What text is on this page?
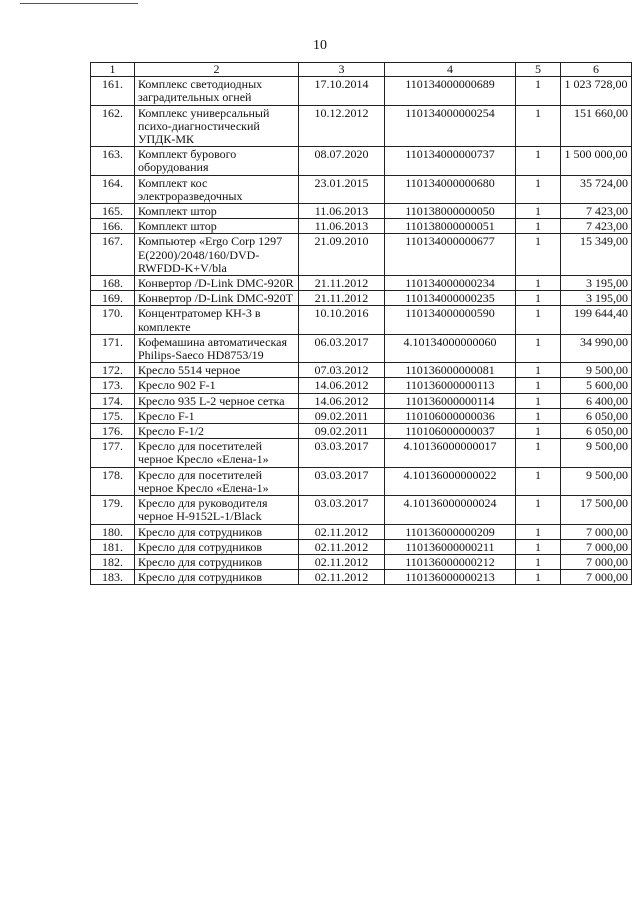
10
1	2	3	4	5	6
161.	Комплекс светодиодных заградительных огней	17.10.2014	110134000000689	1	1 023 728,00
162.	Комплекс универсальный психо-диагностический УПДК-МК	10.12.2012	110134000000254	1	151 660,00
163.	Комплект бурового оборудования	08.07.2020	110134000000737	1	1 500 000,00
164.	Комплект кос электроразведочных	23.01.2015	110134000000680	1	35 724,00
165.	Комплект штор	11.06.2013	110138000000050	1	7 423,00
166.	Комплект штор	11.06.2013	110138000000051	1	7 423,00
167.	Компьютер «Ergo Corp 1297 E(2200)/2048/160/DVD-RWFDD-K+V/bla	21.09.2010	110134000000677	1	15 349,00
168.	Конвертор /D-Link DMC-920R	21.11.2012	110134000000234	1	3 195,00
169.	Конвертор /D-Link DMC-920T	21.11.2012	110134000000235	1	3 195,00
170.	Концентратомер КН-3 в комплекте	10.10.2016	110134000000590	1	199 644,40
171.	Кофемашина автоматическая Philips-Saeco HD8753/19	06.03.2017	4.10134000000060	1	34 990,00
172.	Кресло 5514 черное	07.03.2012	110136000000081	1	9 500,00
173.	Кресло 902 F-1	14.06.2012	110136000000113	1	5 600,00
174.	Кресло 935 L-2 черное сетка	14.06.2012	110136000000114	1	6 400,00
175.	Кресло F-1	09.02.2011	110106000000036	1	6 050,00
176.	Кресло F-1/2	09.02.2011	110106000000037	1	6 050,00
177.	Кресло для посетителей черное Кресло «Елена-1»	03.03.2017	4.10136000000017	1	9 500,00
178.	Кресло для посетителей черное Кресло «Елена-1»	03.03.2017	4.10136000000022	1	9 500,00
179.	Кресло для руководителя черное H-9152L-1/Black	03.03.2017	4.10136000000024	1	17 500,00
180.	Кресло для сотрудников	02.11.2012	110136000000209	1	7 000,00
181.	Кресло для сотрудников	02.11.2012	110136000000211	1	7 000,00
182.	Кресло для сотрудников	02.11.2012	110136000000212	1	7 000,00
183.	Кресло для сотрудников	02.11.2012	110136000000213	1	7 000,00
